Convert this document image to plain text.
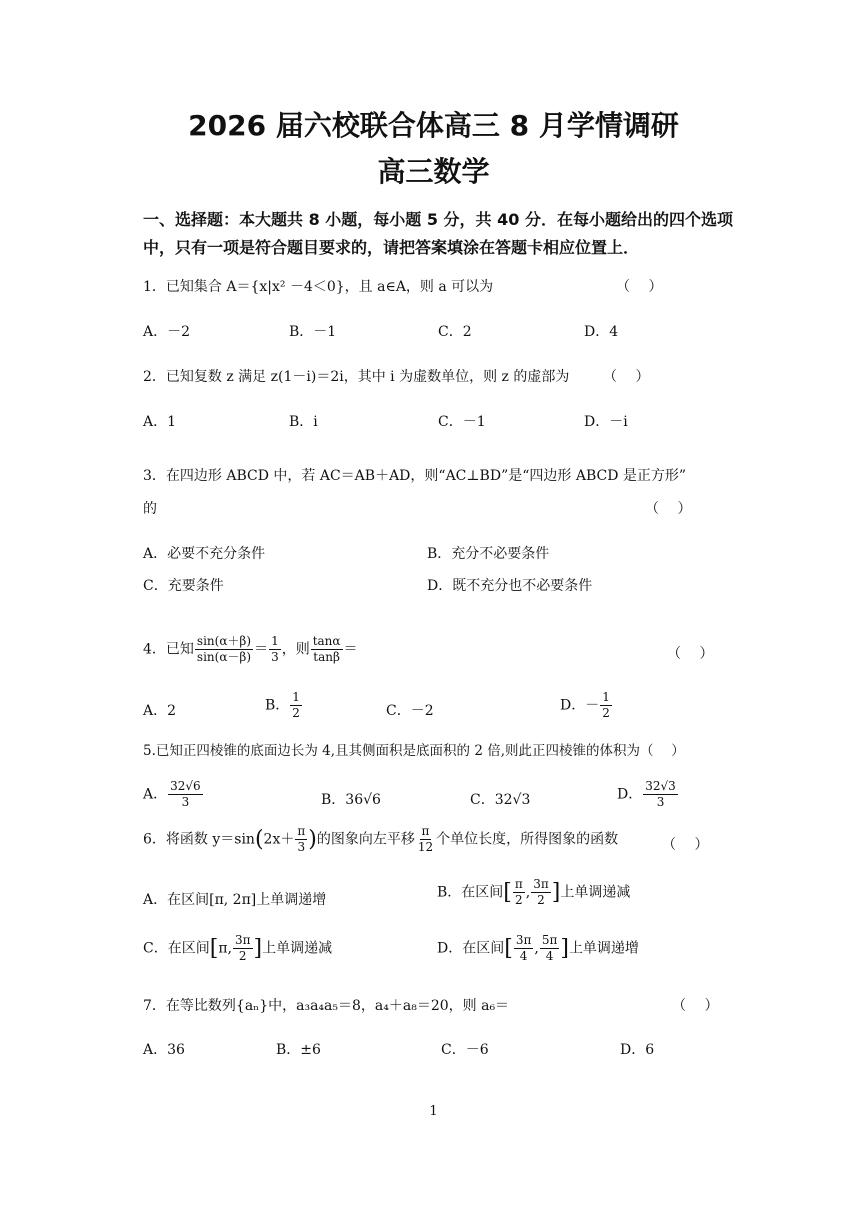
2026 届六校联合体高三 8 月学情调研
高三数学
一、选择题：本大题共 8 小题，每小题 5 分，共 40 分．在每小题给出的四个选项中，只有一项是符合题目要求的，请把答案填涂在答题卡相应位置上．
1．已知集合 A＝{x|x² －4＜0}，且 a∈A，则 a 可以为	（　 ）
A．－2	B．－1	C．2	D．4
2．已知复数 z 满足 z(1－i)＝2i，其中 i 为虚数单位，则 z 的虚部为 （　 ）
A．1	B．i	C．－1	D．－i
3．在四边形 ABCD 中，若 AC＝AB＋AD，则“AC⊥BD”是“四边形 ABCD 是正方形”
的	（　 ）
A．必要不充分条件	B．充分不必要条件
C．充要条件	D．既不充分也不必要条件
4．已知 $\frac{\sin(\alpha+\beta)}{\sin(\alpha-\beta)} = \frac{1}{3}$ ，则 $\frac{\tan\alpha}{\tan\beta}$ ＝	（　 ）
A．2	B． $\frac{1}{2}$	C．－2	D．－ $\frac{1}{2}$
5.已知正四棱锥的底面边长为 4,且其侧面积是底面积的 2 倍,则此正四棱锥的体积为（　 ）
A． $\frac{32√6}{3}$	B．36√6	C．32√3	D． $\frac{32√3}{3}$
6．将函数 $y=\sin(2x+ \frac{\pi}{3}$ )的图象向左平移 $\frac{\pi}{12}$ 个单位长度，所得图象的函数	（　 ）
A．在区间[π, 2π]上单调递增	B．在区间[ $\frac{\pi}{2}$ , $\frac{3\pi}{2}$ ]上单调递减
C．在区间[π, $\frac{3\pi}{2}$ ]上单调递减	D．在区间[ $\frac{3\pi}{4}$ , $\frac{5\pi}{4}$ ]上单调递增
7．在等比数列{aₙ}中，a₃a₄a₅＝8，a₄＋a₈＝20，则 a₆＝	（　 ）
A．36	B．±6	C．－6	D．6
1
